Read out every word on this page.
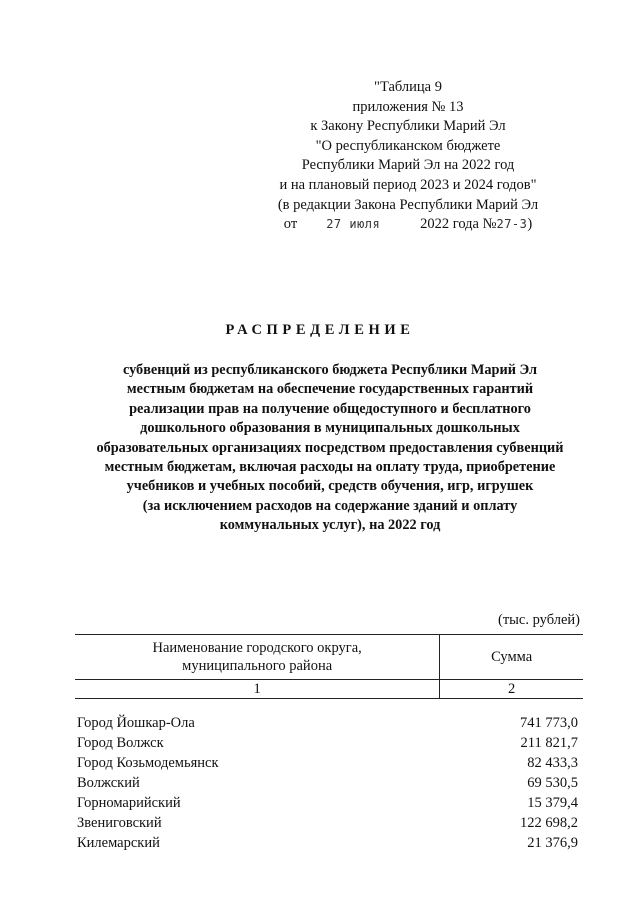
"Таблица 9
приложения № 13
к Закону Республики Марий Эл
"О республиканском бюджете
Республики Марий Эл на 2022 год
и на плановый период 2023 и 2024 годов"
(в редакции Закона Республики Марий Эл
от 27 июля	2022 года №27-З)
РАСПРЕДЕЛЕНИЕ
субвенций из республиканского бюджета Республики Марий Эл
местным бюджетам на обеспечение государственных гарантий
реализации прав на получение общедоступного и бесплатного
дошкольного образования в муниципальных дошкольных
образовательных организациях посредством предоставления субвенций
местным бюджетам, включая расходы на оплату труда, приобретение
учебников и учебных пособий, средств обучения, игр, игрушек
(за исключением расходов на содержание зданий и оплату
коммунальных услуг), на 2022 год
(тыс. рублей)
Наименование городского округа,
муниципального района	Сумма
1	2

Город Йошкар-Ола	741 773,0
Город Волжск	211 821,7
Город Козьмодемьянск	82 433,3
Волжский	69 530,5
Горномарийский	15 379,4
Звениговский	122 698,2
Килемарский	21 376,9
